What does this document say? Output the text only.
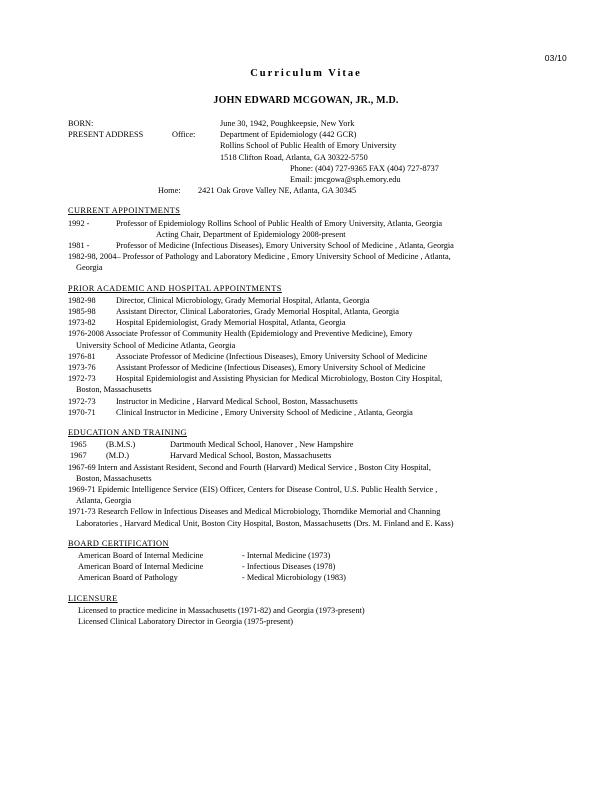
03/10
Curriculum Vitae
JOHN EDWARD MCGOWAN, JR., M.D.
BORN:	June 30, 1942, Poughkeepsie, New York
PRESENT ADDRESS	Office:	Department of Epidemiology (442 GCR)
Rollins School of Public Health of Emory University
1518 Clifton Road, Atlanta, GA 30322-5750
Phone: (404) 727-9365 FAX (404) 727-8737
Email: jmcgowa@sph.emory.edu
Home: 2421 Oak Grove Valley NE, Atlanta, GA 30345
CURRENT APPOINTMENTS
1992 -	Professor of Epidemiology Rollins School of Public Health of Emory University, Atlanta, Georgia
Acting Chair, Department of Epidemiology 2008-present
1981 -	Professor of Medicine (Infectious Diseases), Emory University School of Medicine , Atlanta, Georgia
1982-98, 2004– Professor of Pathology and Laboratory Medicine , Emory University School of Medicine , Atlanta,
Georgia
PRIOR ACADEMIC AND HOSPITAL APPOINTMENTS
1982-98 Director, Clinical Microbiology, Grady Memorial Hospital, Atlanta, Georgia
1985-98 Assistant Director, Clinical Laboratories, Grady Memorial Hospital, Atlanta, Georgia
1973-82 Hospital Epidemiologist, Grady Memorial Hospital, Atlanta, Georgia
1976-2008 Associate Professor of Community Health (Epidemiology and Preventive Medicine), Emory
University School of Medicine Atlanta, Georgia
1976-81 Associate Professor of Medicine (Infectious Diseases), Emory University School of Medicine
1973-76 Assistant Professor of Medicine (Infectious Diseases), Emory University School of Medicine
1972-73 Hospital Epidemiologist and Assisting Physician for Medical Microbiology, Boston City Hospital,
Boston, Massachusetts
1972-73 Instructor in Medicine , Harvard Medical School, Boston, Massachusetts
1970-71 Clinical Instructor in Medicine , Emory University School of Medicine , Atlanta, Georgia
EDUCATION AND TRAINING
1965 (B.M.S.)	Dartmouth Medical School, Hanover , New Hampshire
1967 (M.D.)	Harvard Medical School, Boston, Massachusetts
1967-69 Intern and Assistant Resident, Second and Fourth (Harvard) Medical Service , Boston City Hospital,
Boston, Massachusetts
1969-71 Epidemic Intelligence Service (EIS) Officer, Centers for Disease Control, U.S. Public Health Service ,
Atlanta, Georgia
1971-73 Research Fellow in Infectious Diseases and Medical Microbiology, Thorndike Memorial and Channing
Laboratories , Harvard Medical Unit, Boston City Hospital, Boston, Massachusetts (Drs. M. Finland and E. Kass)
BOARD CERTIFICATION
American Board of Internal Medicine	- Internal Medicine (1973)
American Board of Internal Medicine	- Infectious Diseases (1978)
American Board of Pathology	- Medical Microbiology (1983)
LICENSURE
Licensed to practice medicine in Massachusetts (1971-82) and Georgia (1973-present)
Licensed Clinical Laboratory Director in Georgia (1975-present)
